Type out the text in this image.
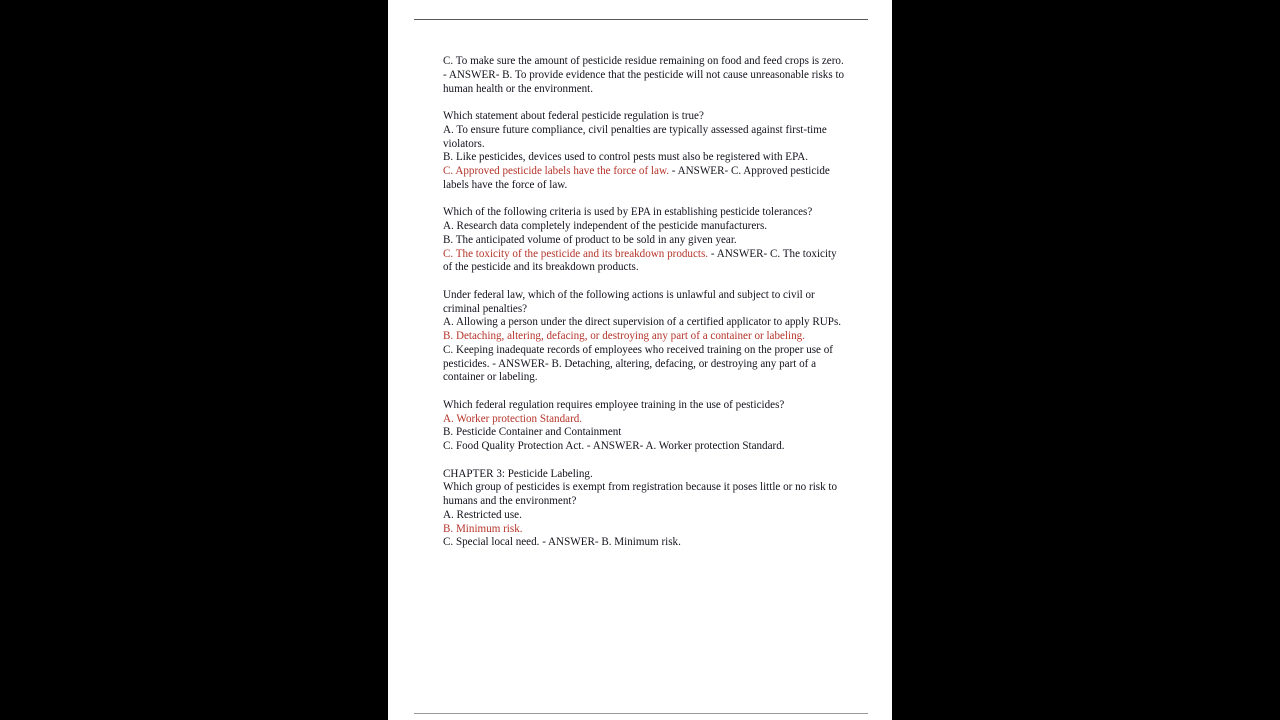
C. To make sure the amount of pesticide residue remaining on food and feed crops is zero. - ANSWER- B. To provide evidence that the pesticide will not cause unreasonable risks to human health or the environment.

Which statement about federal pesticide regulation is true?

A. To ensure future compliance, civil penalties are typically assessed against first-time violators.

B. Like pesticides, devices used to control pests must also be registered with EPA.

C. Approved pesticide labels have the force of law. - ANSWER- C. Approved pesticide labels have the force of law.

Which of the following criteria is used by EPA in establishing pesticide tolerances?

A. Research data completely independent of the pesticide manufacturers.

B. The anticipated volume of product to be sold in any given year.

C. The toxicity of the pesticide and its breakdown products. - ANSWER- C. The toxicity of the pesticide and its breakdown products.

Under federal law, which of the following actions is unlawful and subject to civil or criminal penalties?

A. Allowing a person under the direct supervision of a certified applicator to apply RUPs.

B. Detaching, altering, defacing, or destroying any part of a container or labeling.

C. Keeping inadequate records of employees who received training on the proper use of pesticides. - ANSWER- B. Detaching, altering, defacing, or destroying any part of a container or labeling.

Which federal regulation requires employee training in the use of pesticides?

A. Worker protection Standard.

B. Pesticide Container and Containment

C. Food Quality Protection Act. - ANSWER- A. Worker protection Standard.

CHAPTER 3: Pesticide Labeling.

Which group of pesticides is exempt from registration because it poses little or no risk to humans and the environment?

A. Restricted use.

B. Minimum risk.

C. Special local need. - ANSWER- B. Minimum risk.
